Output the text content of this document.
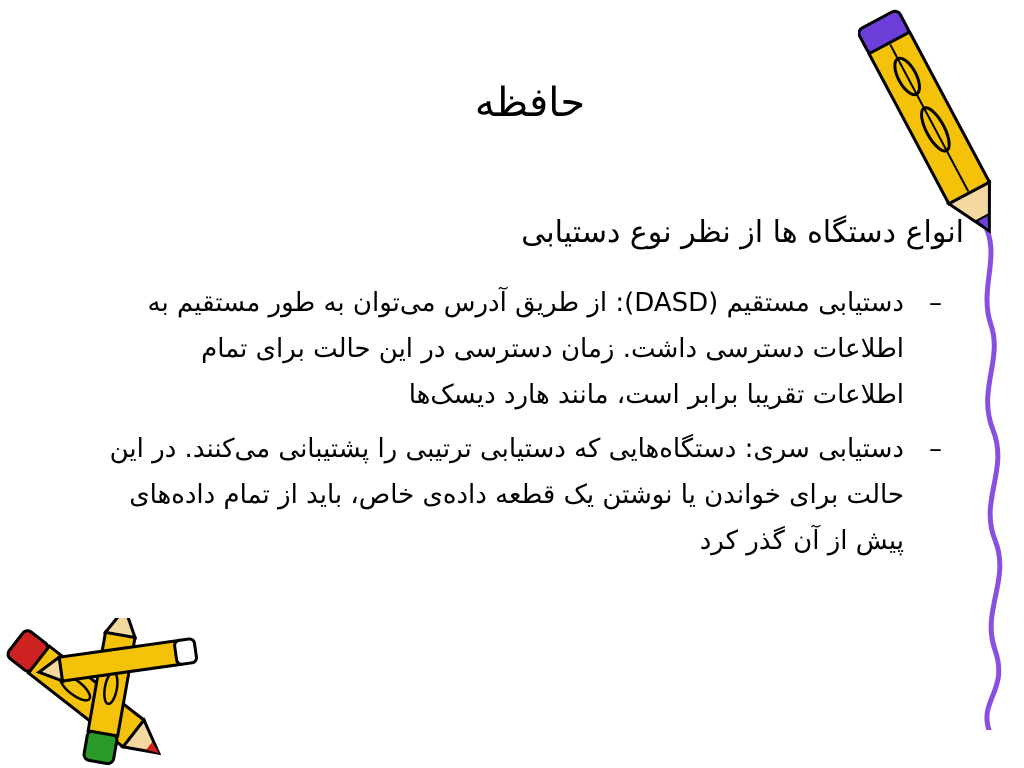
حافظه
انواع دستگاه ها از نظر نوع دستیابی
–
دستیابی مستقیم (DASD): از طریق آدرس می‌توان به طور مستقیم به اطلاعات دسترسی داشت. زمان دسترسی در این حالت برای تمام اطلاعات تقریبا برابر است، مانند هارد دیسک‌ها
–
دستیابی سری: دستگاه‌هایی که دستیابی ترتیبی را پشتیبانی می‌کنند. در این حالت برای خواندن یا نوشتن یک قطعه داده‌ی خاص، باید از تمام داده‌های پیش از آن گذر کرد
